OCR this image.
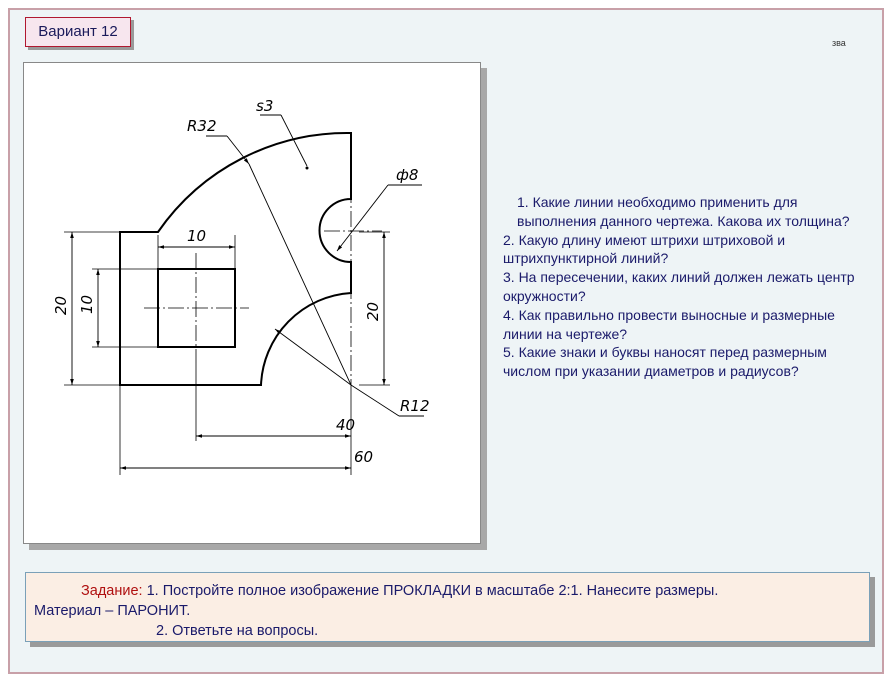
Вариант 12
зва
s3
R32
ф8
10
20 10	20
R12
40
60
1. Какие линии необходимо применить для выполнения данного чертежа. Какова их толщина?
2. Какую длину имеют штрихи штриховой и штрихпунктирной линий?
3. На пересечении, каких линий должен лежать центр окружности?
4. Как правильно провести выносные и размерные линии на чертеже?
5. Какие знаки и буквы наносят перед размерным числом при указании диаметров и радиусов?
Задание: 1. Постройте полное изображение ПРОКЛАДКИ в масштабе 2:1. Нанесите размеры.
Материал – ПАРОНИТ.
2. Ответьте на вопросы.
